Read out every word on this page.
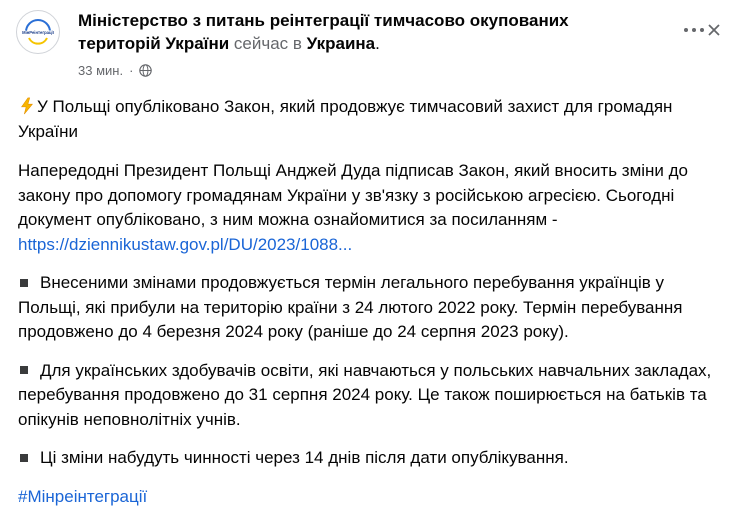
МінРеінтеграції
Міністерство з питань реінтеграції тимчасово окупованих територій України сейчас в Украина.
33 мин. ·

У Польщі опубліковано Закон, який продовжує тимчасовий захист для громадян України

Напередодні Президент Польщі Анджей Дуда підписав Закон, який вносить зміни до закону про допомогу громадянам України у зв'язку з російською агресією. Сьогодні документ опубліковано, з ним можна ознайомитися за посиланням - https://dziennikustaw.gov.pl/DU/2023/1088...

Внесеними змінами продовжується термін легального перебування українців у Польщі, які прибули на територію країни з 24 лютого 2022 року. Термін перебування продовжено до 4 березня 2024 року (раніше до 24 серпня 2023 року).

Для українських здобувачів освіти, які навчаються у польських навчальних закладах, перебування продовжено до 31 серпня 2024 року. Це також поширюється на батьків та опікунів неповнолітніх учнів.

Ці зміни набудуть чинності через 14 днів після дати опублікування.

#Мінреінтеграції
